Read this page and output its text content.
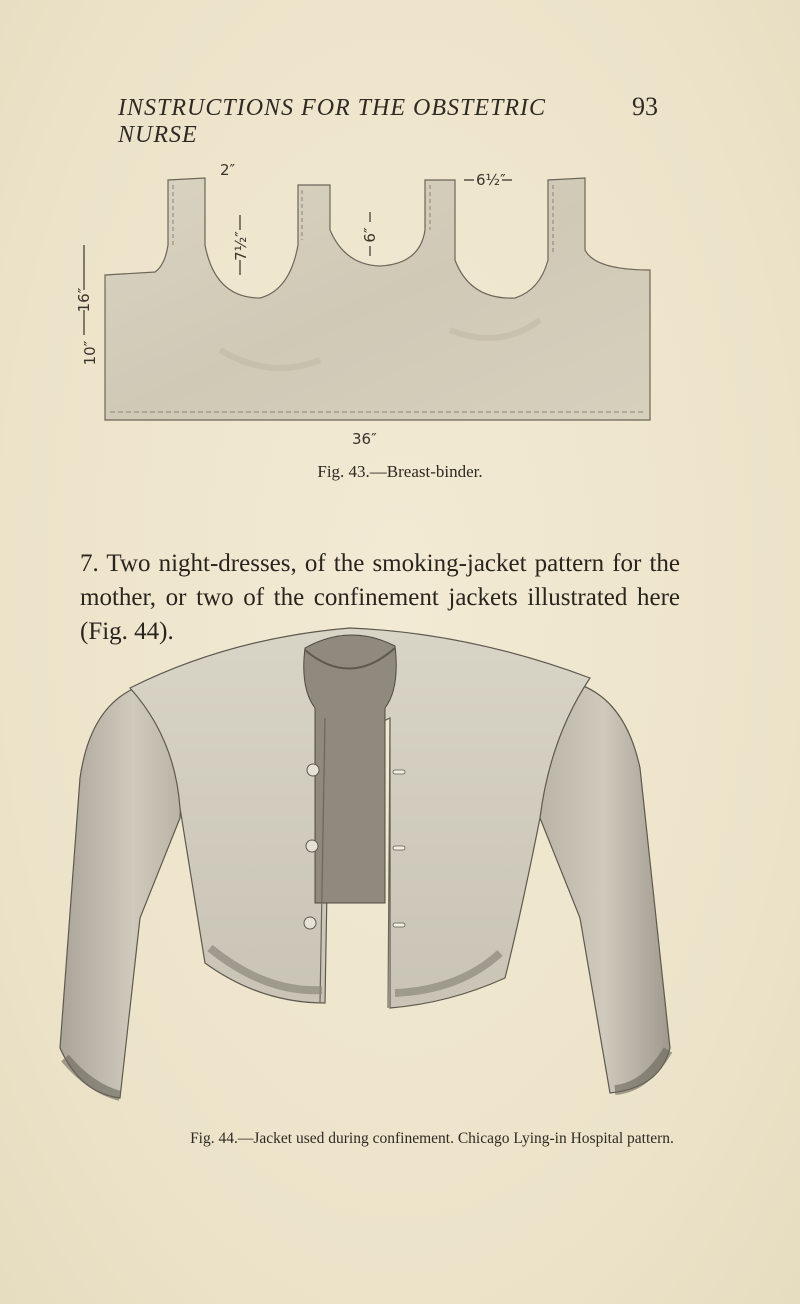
INSTRUCTIONS FOR THE OBSTETRIC NURSE
93
2″
6½″
7½″	6″
16″
10″
36″
Fig. 43.—Breast-binder.

7. Two night-dresses, of the smoking-jacket pattern for the mother, or two of the confinement jackets illustrated here (Fig. 44).

Fig. 44.—Jacket used during confinement. Chicago Lying-in Hospital pattern.
